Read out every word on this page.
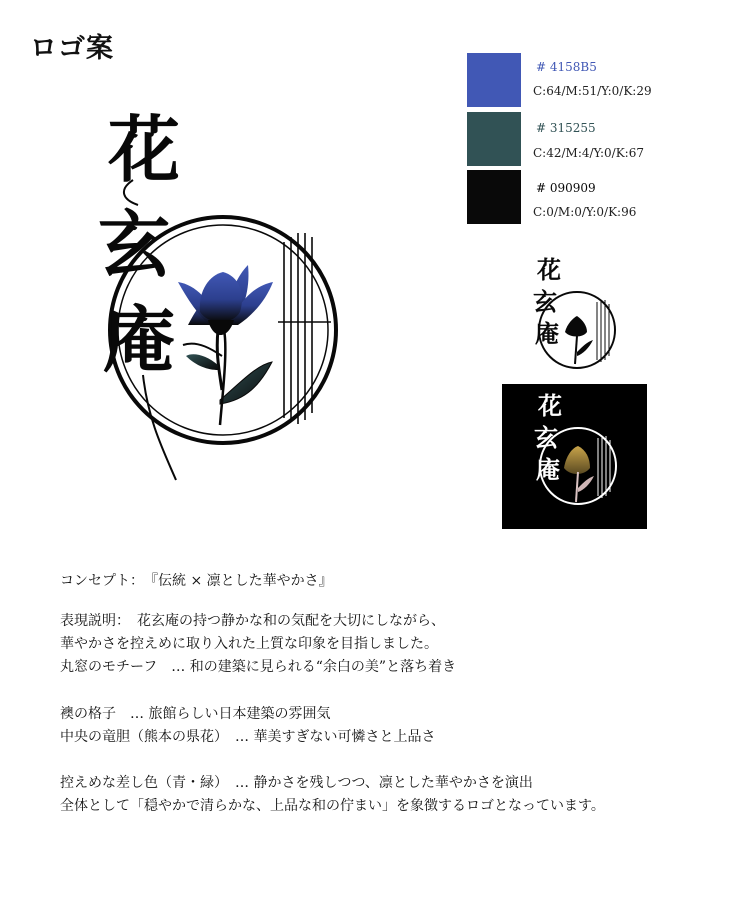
ロゴ案
花
玄
庵
# 4158B5
C:64/M:51/Y:0/K:29
# 315255
C:42/M:4/Y:0/K:67
# 090909
C:0/M:0/Y:0/K:96
花
玄
庵
花
玄
庵
コンセプト：　『伝統 × 凛とした華やかさ』
表現説明：　花玄庵の持つ静かな和の気配を大切にしながら、
華やかさを控えめに取り入れた上質な印象を目指しました。
丸窓のモチーフ　… 和の建築に見られる“余白の美”と落ち着き
襖の格子　… 旅館らしい日本建築の雰囲気
中央の竜胆（熊本の県花）　… 華美すぎない可憐さと上品さ
控えめな差し色（青・緑）　… 静かさを残しつつ、凛とした華やかさを演出
全体として「穏やかで清らかな、上品な和の佇まい」を象徴するロゴとなっています。
